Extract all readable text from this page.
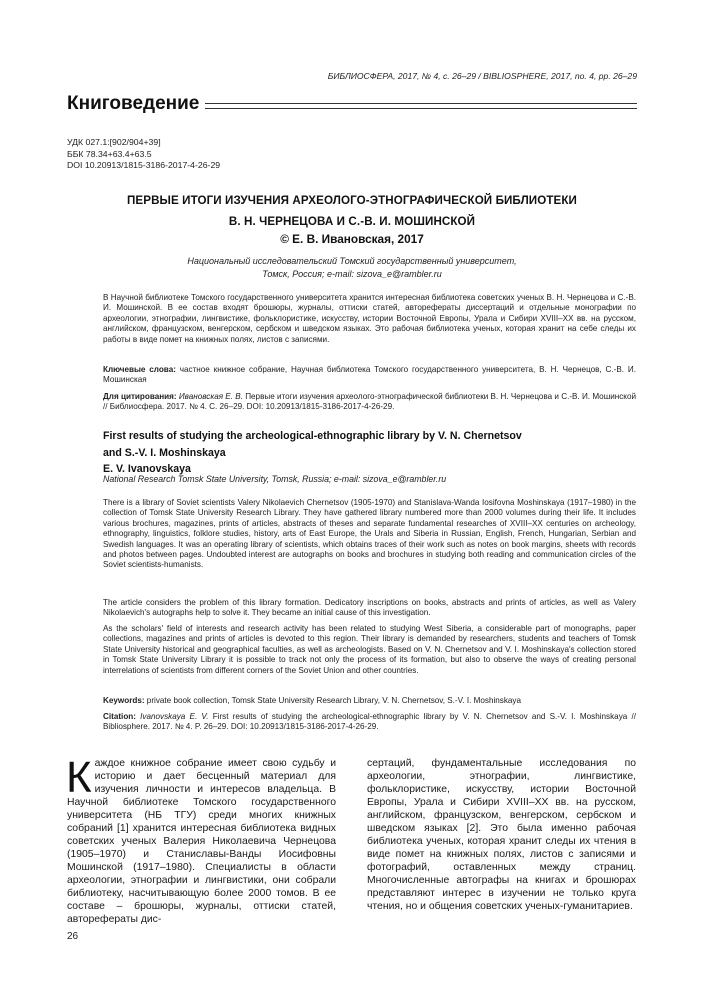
БИБЛИОСФЕРА, 2017, № 4, с. 26–29 / BIBLIOSPHERE, 2017, no. 4, pp. 26–29
Книговедение
УДК 027.1:[902/904+39]
ББК 78.34+63.4+63.5
DOI 10.20913/1815-3186-2017-4-26-29
ПЕРВЫЕ ИТОГИ ИЗУЧЕНИЯ АРХЕОЛОГО-ЭТНОГРАФИЧЕСКОЙ БИБЛИОТЕКИ
В. Н. ЧЕРНЕЦОВА И С.-В. И. МОШИНСКОЙ
© Е. В. Ивановская, 2017
Национальный исследовательский Томский государственный университет,
Томск, Россия; e-mail: sizova_e@rambler.ru

В Научной библиотеке Томского государственного университета хранится интересная библиотека советских ученых В. Н. Чернецова и С.-В. И. Мошинской. В ее состав входят брошюры, журналы, оттиски статей, авторефераты диссертаций и отдельные монографии по археологии, этнографии, лингвистике, фольклористике, искусству, истории Восточной Европы, Урала и Сибири XVIII–XX вв. на русском, английском, французском, венгерском, сербском и шведском языках. Это рабочая библиотека ученых, которая хранит на себе следы их работы в виде помет на книжных полях, листов с записями.

Ключевые слова: частное книжное собрание, Научная библиотека Томского государственного университета, В. Н. Чернецов, С.-В. И. Мошинская

Для цитирования: Ивановская Е. В. Первые итоги изучения археолого-этнографической библиотеки В. Н. Чернецова и С.-В. И. Мошинской // Библиосфера. 2017. № 4. С. 26–29. DOI: 10.20913/1815-3186-2017-4-26-29.

First results of studying the archeological-ethnographic library by V. N. Chernetsov
and S.-V. I. Moshinskaya
E. V. Ivanovskaya
National Research Tomsk State University, Tomsk, Russia; e-mail: sizova_e@rambler.ru

There is a library of Soviet scientists Valery Nikolaevich Chernetsov (1905-1970) and Stanislava-Wanda Iosifovna Moshinskaya (1917–1980) in the collection of Tomsk State University Research Library. They have gathered library numbered more than 2000 volumes during their life. It includes various brochures, magazines, prints of articles, abstracts of theses and separate fundamental researches of XVIII–XX centuries on archeology, ethnography, linguistics, folklore studies, history, arts of East Europe, the Urals and Siberia in Russian, English, French, Hungarian, Serbian and Swedish languages. It was an operating library of scientists, which obtains traces of their work such as notes on book margins, sheets with records and photos between pages. Undoubted interest are autographs on books and brochures in studying both reading and communication circles of the Soviet scientists-humanists.

The article considers the problem of this library formation. Dedicatory inscriptions on books, abstracts and prints of articles, as well as Valery Nikolaevich's autographs help to solve it. They became an initial cause of this investigation.

As the scholars' field of interests and research activity has been related to studying West Siberia, a considerable part of monographs, paper collections, magazines and prints of articles is devoted to this region. Their library is demanded by researchers, students and teachers of Tomsk State University historical and geographical faculties, as well as archeologists. Based on V. N. Chernetsov and V. I. Moshinskaya's collection stored in Tomsk State University Library it is possible to track not only the process of its formation, but also to observe the ways of creating personal interrelations of scientists from different corners of the Soviet Union and other countries.

Keywords: private book collection, Tomsk State University Research Library, V. N. Chernetsov, S.-V. I. Moshinskaya

Citation: Ivanovskaya E. V. First results of studying the archeological-ethnographic library by V. N. Chernetsov and S.-V. I. Moshinskaya // Bibliosphere. 2017. № 4. P. 26–29. DOI: 10.20913/1815-3186-2017-4-26-29.

Каждое книжное собрание имеет свою судьбу и историю и дает бесценный материал для изучения личности и интересов владельца. В Научной библиотеке Томского государственного университета (НБ ТГУ) среди многих книжных собраний [1] хранится интересная библиотека видных советских ученых Валерия Николаевича Чернецова (1905–1970) и Станиславы-Ванды Иосифовны Мошинской (1917–1980). Специалисты в области археологии, этнографии и лингвистики, они собрали библиотеку, насчитывающую более 2000 томов. В ее составе – брошюры, журналы, оттиски статей, авторефераты дис-

сертаций, фундаментальные исследования по археологии, этнографии, лингвистике, фольклористике, искусству, истории Восточной Европы, Урала и Сибири XVIII–XX вв. на русском, английском, французском, венгерском, сербском и шведском языках [2]. Это была именно рабочая библиотека ученых, которая хранит следы их чтения в виде помет на книжных полях, листов с записями и фотографий, оставленных между страниц. Многочисленные автографы на книгах и брошюрах представляют интерес в изучении не только круга чтения, но и общения советских ученых-гуманитариев.

26
